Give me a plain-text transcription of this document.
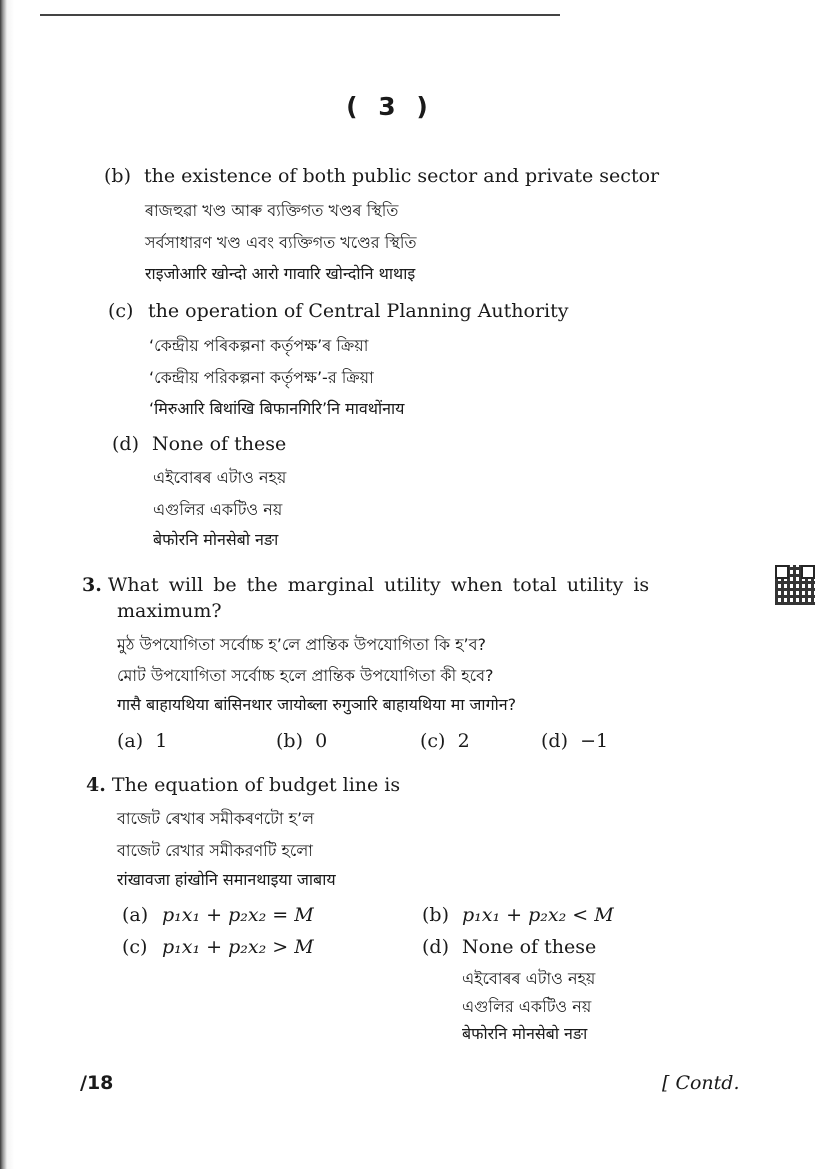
( 3 )
(b) the existence of both public sector and private sector
ৰাজহুৱা খণ্ড আৰু ব্যক্তিগত খণ্ডৰ স্থিতি
সর্বসাধারণ খণ্ড এবং ব্যক্তিগত খণ্ডের স্থিতি
राइजोआरि खोन्दो आरो गावारि खोन्दोनि थाथाइ
(c) the operation of Central Planning Authority
‘কেন্দ্ৰীয় পৰিকল্পনা কর্তৃপক্ষ’ৰ ক্ৰিয়া
‘কেন্দ্রীয় পরিকল্পনা কর্তৃপক্ষ’-র ক্রিয়া
‘मिरुआरि बिथांखि बिफानगिरि’नि मावथोंनाय
(d) None of these
এইবোৰৰ এটাও নহয়
এগুলির একটিও নয়
बेफोरनि मोनसेबो नङा
3. What will be the marginal utility when total utility is
maximum?
মুঠ উপযোগিতা সৰ্বোচ্চ হ’লে প্ৰান্তিক উপযোগিতা কি হ’ব?
মোট উপযোগিতা সর্বোচ্চ হলে প্রান্তিক উপযোগিতা কী হবে?
गासै बाहायथिया बांसिनथार जायोब्ला रुगुञारि बाहायथिया मा जागोन?
(a) 1	(b) 0	(c) 2	(d) −1
4. The equation of budget line is
বাজেট ৰেখাৰ সমীকৰণটো হ’ল
বাজেট রেখার সমীকরণটি হলো
रांखावजा हांखोनि समानथाइया जाबाय
(a) p₁x₁ + p₂x₂ = M	(b) p₁x₁ + p₂x₂ < M
(c) p₁x₁ + p₂x₂ > M	(d) None of these
এইবোৰৰ এটাও নহয়
এগুলির একটিও নয়
बेफोरनि मोनसेबो नङा
/18	[ Contd.
